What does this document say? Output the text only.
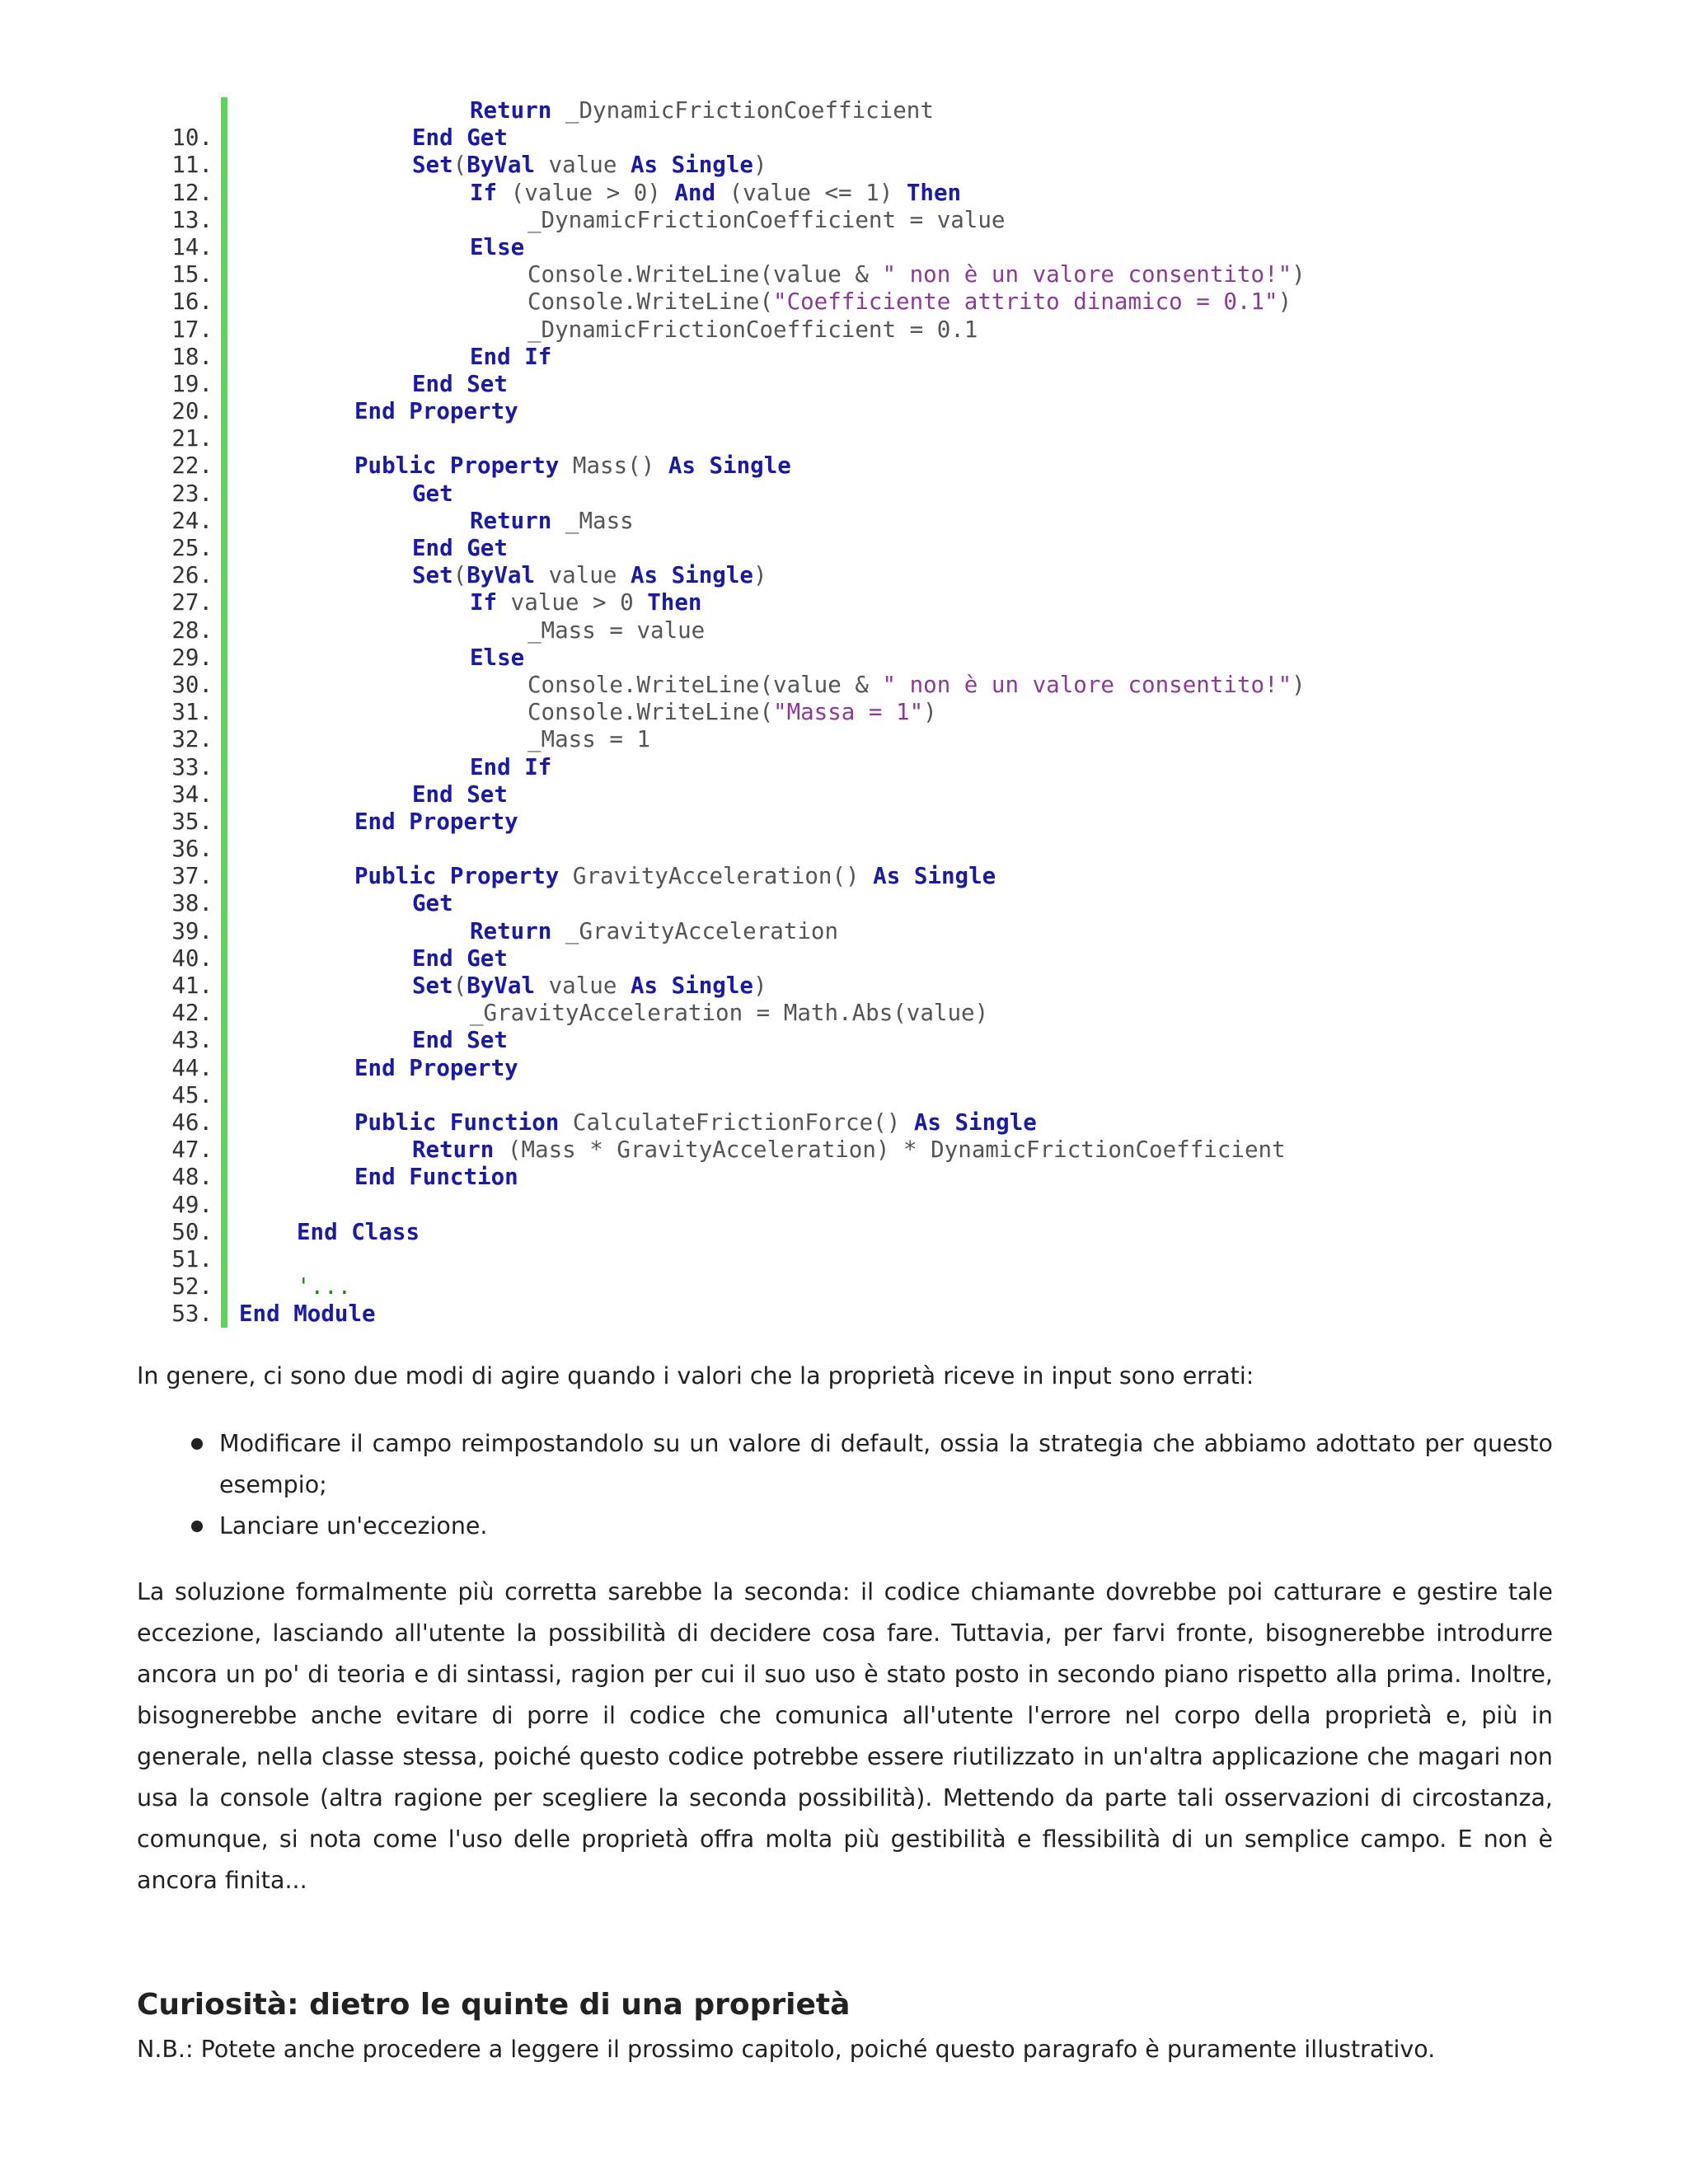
Return _DynamicFrictionCoefficient
10.	End Get
11.	Set(ByVal value As Single)
12.	If (value > 0) And (value <= 1) Then
13.	_DynamicFrictionCoefficient = value
14.	Else
15.	Console.WriteLine(value & " non è un valore consentito!")
16.	Console.WriteLine("Coefficiente attrito dinamico = 0.1")
17.	_DynamicFrictionCoefficient = 0.1
18.	End If
19.	End Set
20.	End Property
21.
22.	Public Property Mass() As Single
23.	Get
24.	Return _Mass
25.	End Get
26.	Set(ByVal value As Single)
27.	If value > 0 Then
28.	_Mass = value
29.	Else
30.	Console.WriteLine(value & " non è un valore consentito!")
31.	Console.WriteLine("Massa = 1")
32.	_Mass = 1
33.	End If
34.	End Set
35.	End Property
36.
37.	Public Property GravityAcceleration() As Single
38.	Get
39.	Return _GravityAcceleration
40.	End Get
41.	Set(ByVal value As Single)
42.	_GravityAcceleration = Math.Abs(value)
43.	End Set
44.	End Property
45.
46.	Public Function CalculateFrictionForce() As Single
47.	Return (Mass * GravityAcceleration) * DynamicFrictionCoefficient
48.	End Function
49.
50.	End Class
51.
52.	'...
53. End Module

In genere, ci sono due modi di agire quando i valori che la proprietà riceve in input sono errati:

Modificare il campo reimpostandolo su un valore di default, ossia la strategia che abbiamo adottato per questo esempio;
Lanciare un'eccezione.

La soluzione formalmente più corretta sarebbe la seconda: il codice chiamante dovrebbe poi catturare e gestire tale eccezione, lasciando all'utente la possibilità di decidere cosa fare. Tuttavia, per farvi fronte, bisognerebbe introdurre ancora un po' di teoria e di sintassi, ragion per cui il suo uso è stato posto in secondo piano rispetto alla prima. Inoltre, bisognerebbe anche evitare di porre il codice che comunica all'utente l'errore nel corpo della proprietà e, più in generale, nella classe stessa, poiché questo codice potrebbe essere riutilizzato in un'altra applicazione che magari non usa la console (altra ragione per scegliere la seconda possibilità). Mettendo da parte tali osservazioni di circostanza, comunque, si nota come l'uso delle proprietà offra molta più gestibilità e flessibilità di un semplice campo. E non è ancora finita...

Curiosità: dietro le quinte di una proprietà

N.B.: Potete anche procedere a leggere il prossimo capitolo, poiché questo paragrafo è puramente illustrativo.
